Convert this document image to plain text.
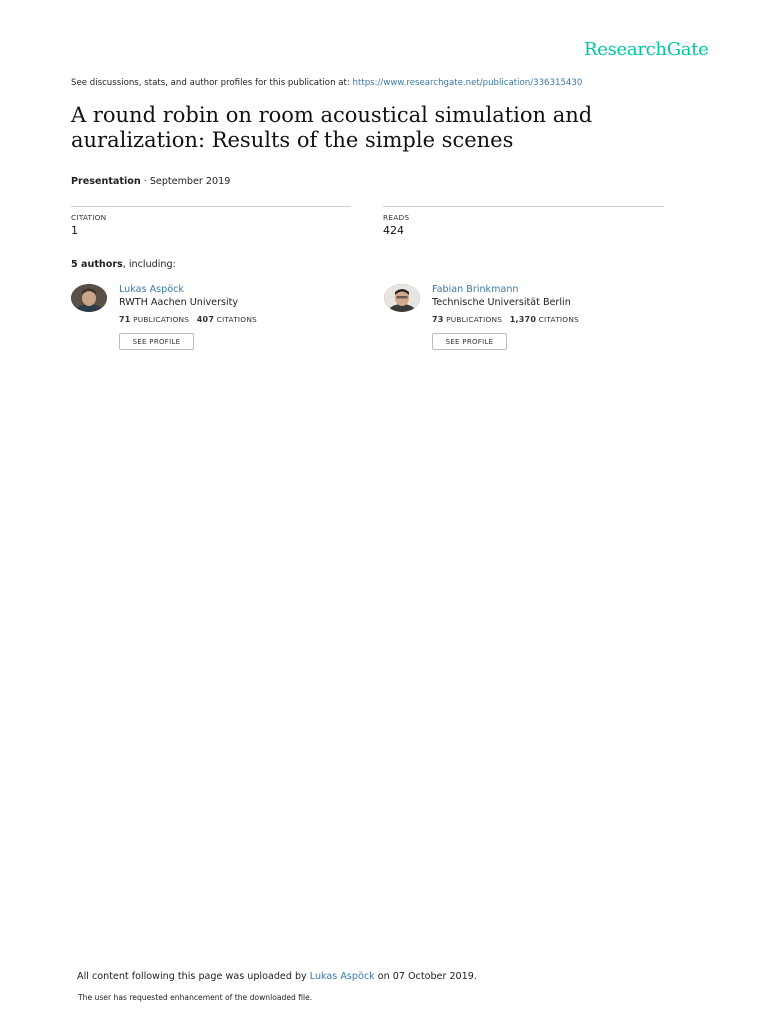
ResearchGate
See discussions, stats, and author profiles for this publication at: https://www.researchgate.net/publication/336315430
A round robin on room acoustical simulation and auralization: Results of the simple scenes
Presentation · September 2019
CITATION
1
READS
424
5 authors, including:
Lukas Aspöck
RWTH Aachen University
71 PUBLICATIONS 407 CITATIONS
SEE PROFILE
Fabian Brinkmann
Technische Universität Berlin
73 PUBLICATIONS 1,370 CITATIONS
SEE PROFILE
All content following this page was uploaded by Lukas Aspöck on 07 October 2019.
The user has requested enhancement of the downloaded file.
